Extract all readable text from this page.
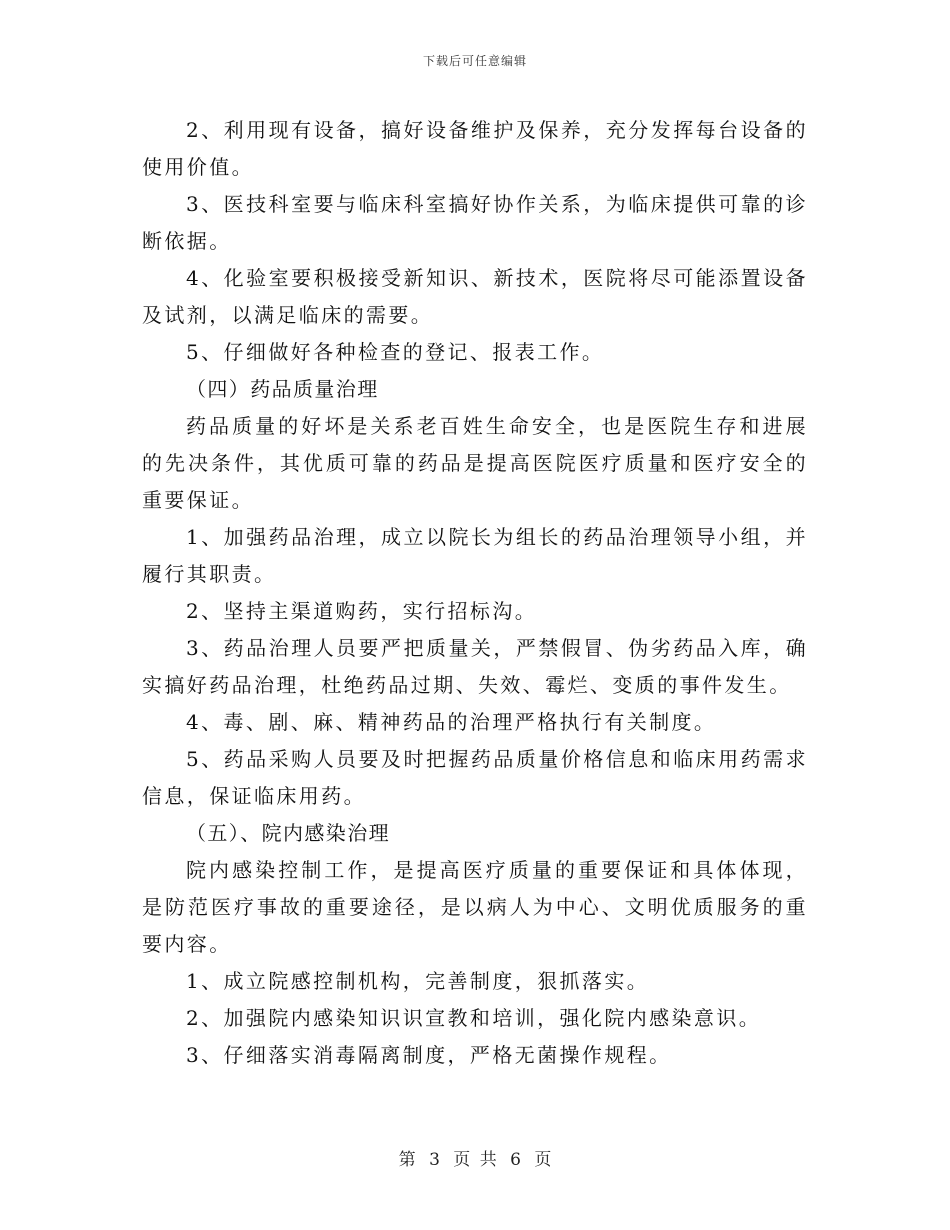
下载后可任意编辑

2、利用现有设备，搞好设备维护及保养，充分发挥每台设备的使用价值。

3、医技科室要与临床科室搞好协作关系，为临床提供可靠的诊断依据。

4、化验室要积极接受新知识、新技术，医院将尽可能添置设备及试剂，以满足临床的需要。

5、仔细做好各种检查的登记、报表工作。

（四）药品质量治理

药品质量的好坏是关系老百姓生命安全，也是医院生存和进展的先决条件，其优质可靠的药品是提高医院医疗质量和医疗安全的重要保证。

1、加强药品治理，成立以院长为组长的药品治理领导小组，并履行其职责。

2、坚持主渠道购药，实行招标沟。

3、药品治理人员要严把质量关，严禁假冒、伪劣药品入库，确实搞好药品治理，杜绝药品过期、失效、霉烂、变质的事件发生。

4、毒、剧、麻、精神药品的治理严格执行有关制度。

5、药品采购人员要及时把握药品质量价格信息和临床用药需求信息，保证临床用药。

（五）、院内感染治理

院内感染控制工作，是提高医疗质量的重要保证和具体体现，是防范医疗事故的重要途径，是以病人为中心、文明优质服务的重要内容。

1、成立院感控制机构，完善制度，狠抓落实。

2、加强院内感染知识识宣教和培训，强化院内感染意识。

3、仔细落实消毒隔离制度，严格无菌操作规程。

第 3 页 共 6 页
